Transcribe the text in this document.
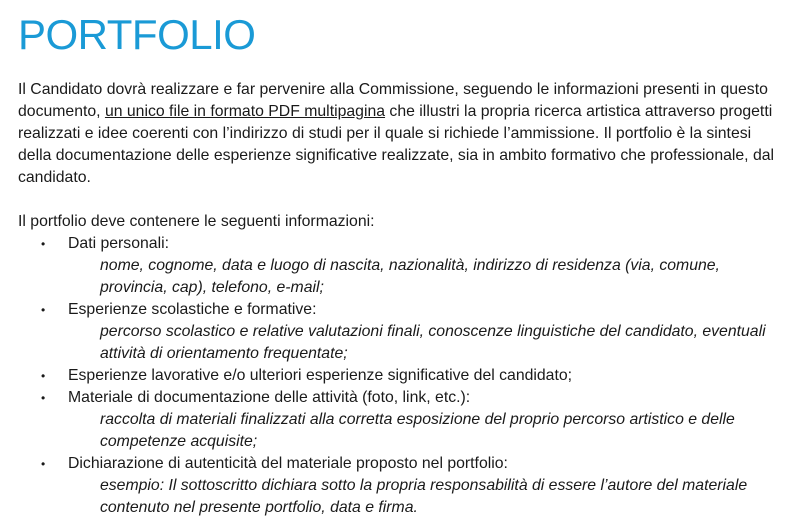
PORTFOLIO

Il Candidato dovrà realizzare e far pervenire alla Commissione, seguendo le informazioni presenti in questo documento, un unico file in formato PDF multipagina che illustri la propria ricerca artistica attraverso progetti realizzati e idee coerenti con l’indirizzo di studi per il quale si richiede l’ammissione. Il portfolio è la sintesi della documentazione delle esperienze significative realizzate, sia in ambito formativo che professionale, dal candidato.

Il portfolio deve contenere le seguenti informazioni:

• Dati personali:
nome, cognome, data e luogo di nascita, nazionalità, indirizzo di residenza (via, comune, provincia, cap), telefono, e-mail;
• Esperienze scolastiche e formative:
percorso scolastico e relative valutazioni finali, conoscenze linguistiche del candidato, eventuali attività di orientamento frequentate;
• Esperienze lavorative e/o ulteriori esperienze significative del candidato;
• Materiale di documentazione delle attività (foto, link, etc.):
raccolta di materiali finalizzati alla corretta esposizione del proprio percorso artistico e delle competenze acquisite;
• Dichiarazione di autenticità del materiale proposto nel portfolio:
esempio: Il sottoscritto dichiara sotto la propria responsabilità di essere l’autore del materiale contenuto nel presente portfolio, data e firma.
